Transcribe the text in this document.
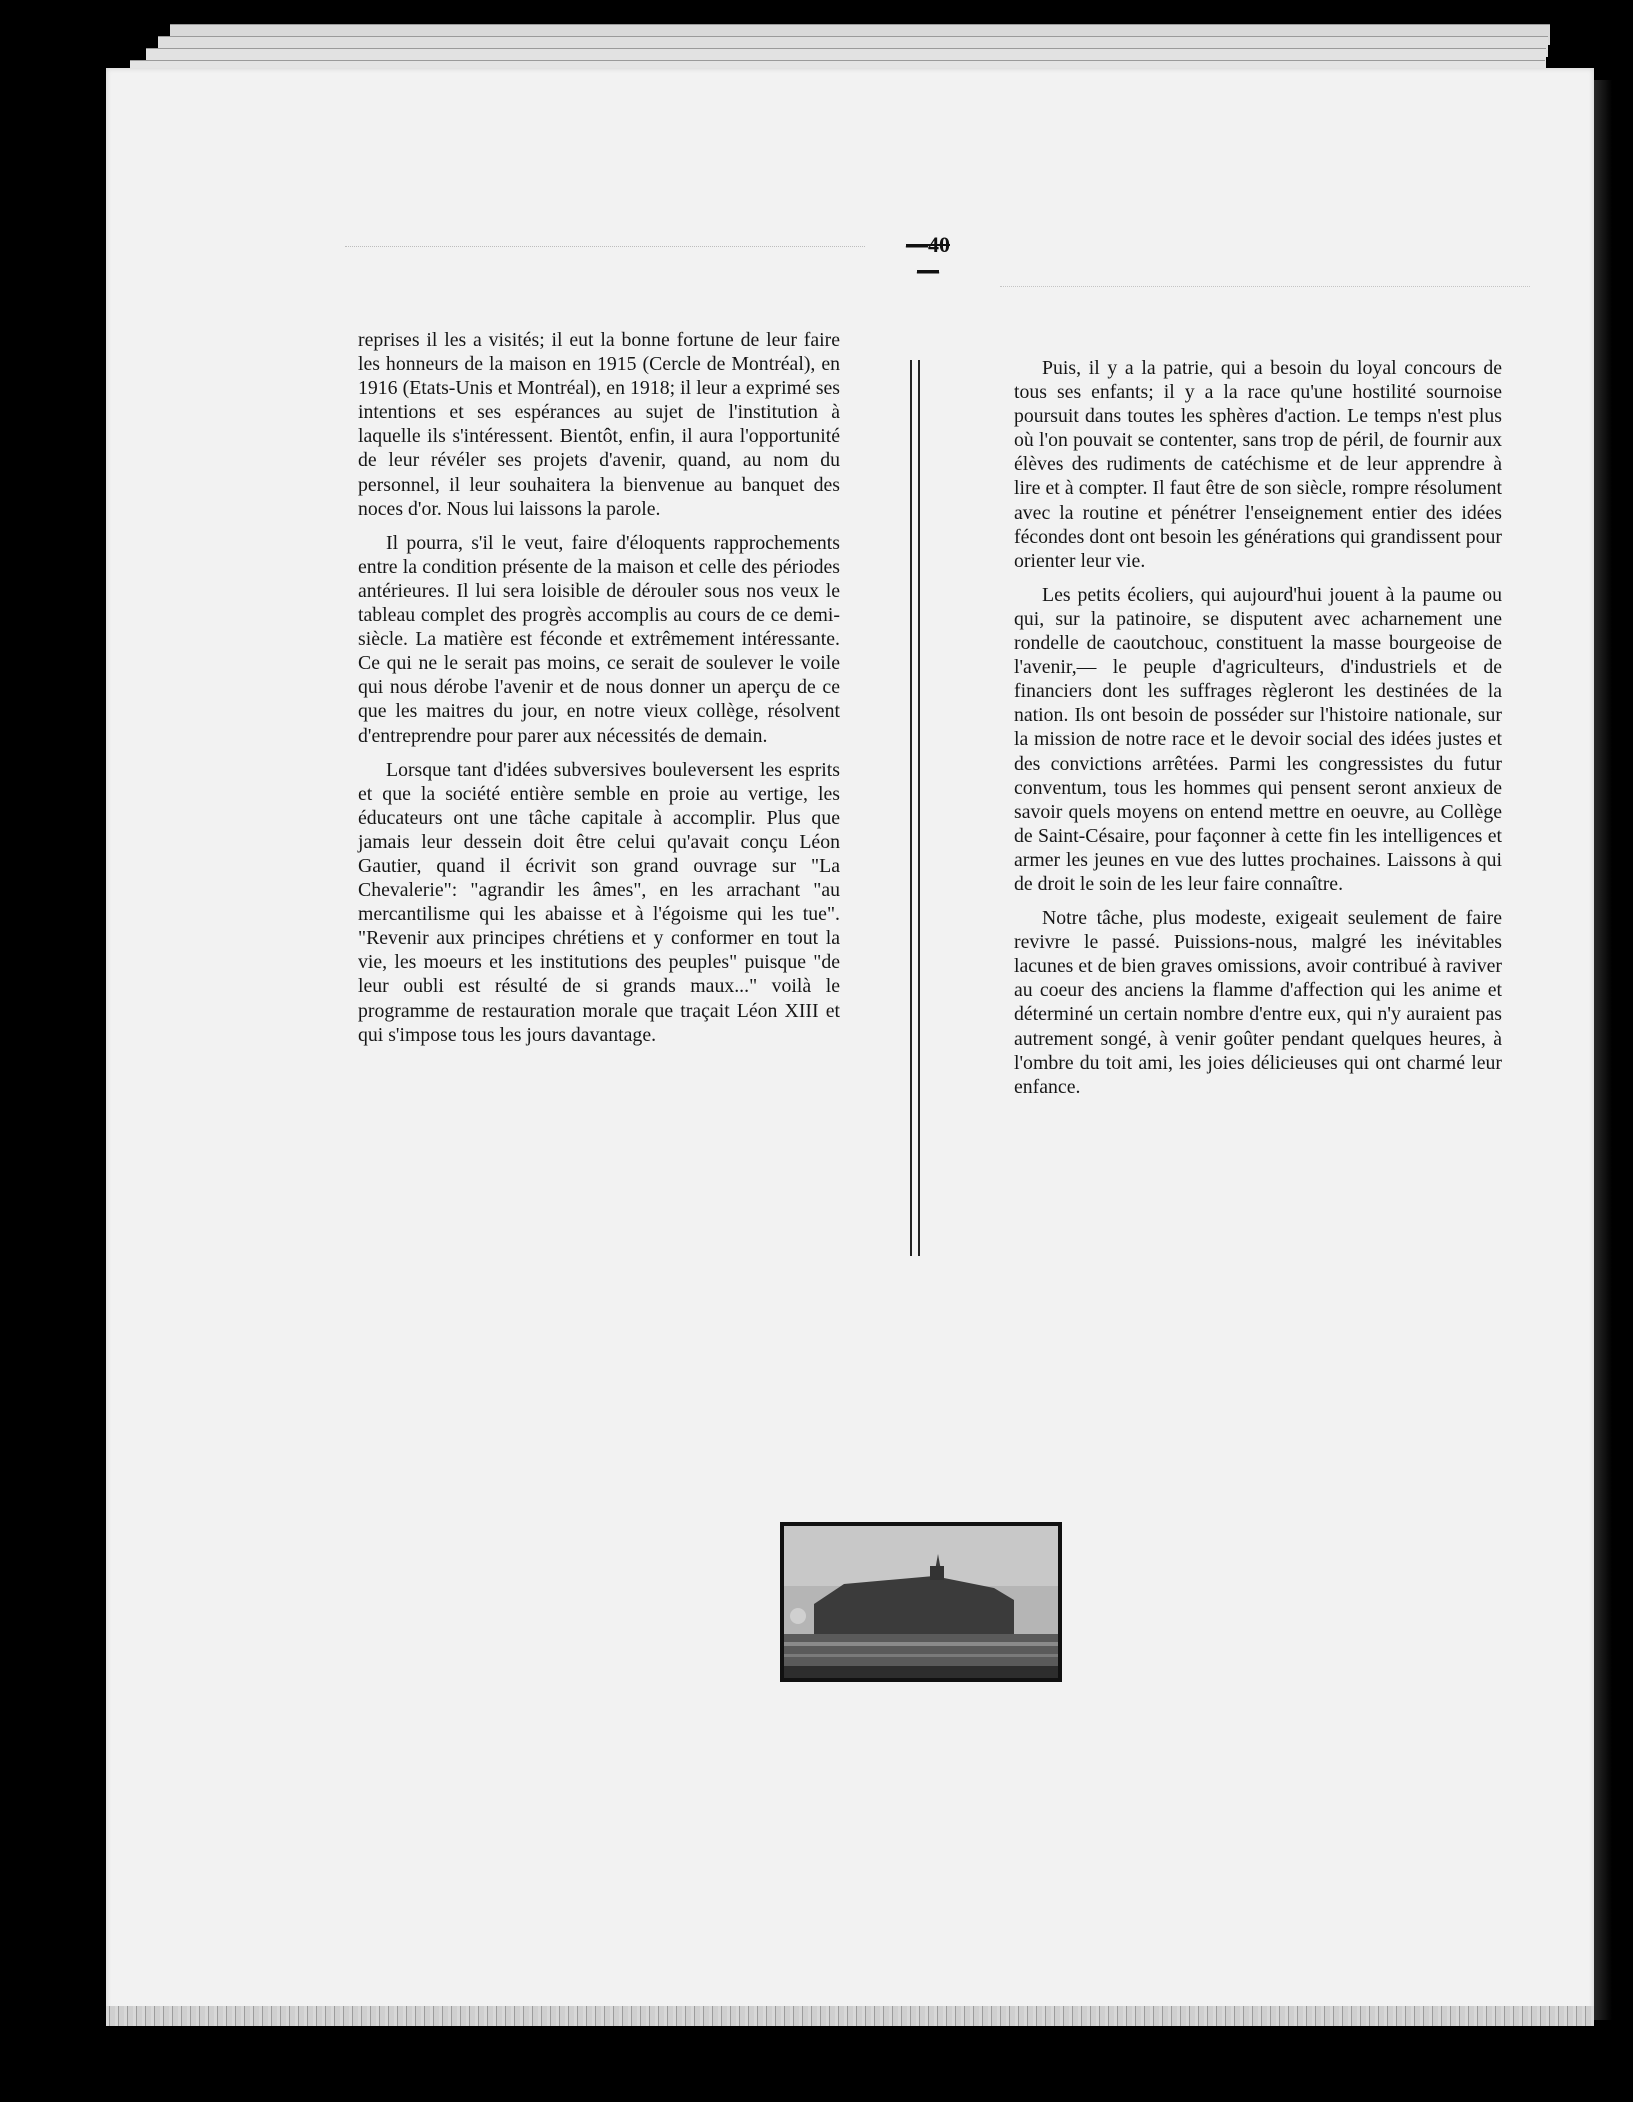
—40—

reprises il les a visités; il eut la bonne fortune de leur faire les honneurs de la maison en 1915 (Cercle de Montréal), en 1916 (Etats-Unis et Montréal), en 1918; il leur a exprimé ses intentions et ses espérances au sujet de l'institution à laquelle ils s'intéressent. Bientôt, enfin, il aura l'opportunité de leur révéler ses projets d'avenir, quand, au nom du personnel, il leur souhaitera la bienvenue au banquet des noces d'or. Nous lui laissons la parole.

Il pourra, s'il le veut, faire d'éloquents rapprochements entre la condition présente de la maison et celle des périodes antérieures. Il lui sera loisible de dérouler sous nos veux le tableau complet des progrès accomplis au cours de ce demi-siècle. La matière est féconde et extrêmement intéressante. Ce qui ne le serait pas moins, ce serait de soulever le voile qui nous dérobe l'avenir et de nous donner un aperçu de ce que les maitres du jour, en notre vieux collège, résolvent d'entreprendre pour parer aux nécessités de demain.

Lorsque tant d'idées subversives bouleversent les esprits et que la société entière semble en proie au vertige, les éducateurs ont une tâche capitale à accomplir. Plus que jamais leur dessein doit être celui qu'avait conçu Léon Gautier, quand il écrivit son grand ouvrage sur "La Chevalerie": "agrandir les âmes", en les arrachant "au mercantilisme qui les abaisse et à l'égoisme qui les tue". "Revenir aux principes chrétiens et y conformer en tout la vie, les moeurs et les institutions des peuples" puisque "de leur oubli est résulté de si grands maux..." voilà le programme de restauration morale que traçait Léon XIII et qui s'impose tous les jours davantage.

Puis, il y a la patrie, qui a besoin du loyal concours de tous ses enfants; il y a la race qu'une hostilité sournoise poursuit dans toutes les sphères d'action. Le temps n'est plus où l'on pouvait se contenter, sans trop de péril, de fournir aux élèves des rudiments de catéchisme et de leur apprendre à lire et à compter. Il faut être de son siècle, rompre résolument avec la routine et pénétrer l'enseignement entier des idées fécondes dont ont besoin les générations qui grandissent pour orienter leur vie.

Les petits écoliers, qui aujourd'hui jouent à la paume ou qui, sur la patinoire, se disputent avec acharnement une rondelle de caoutchouc, constituent la masse bourgeoise de l'avenir,— le peuple d'agriculteurs, d'industriels et de financiers dont les suffrages règleront les destinées de la nation. Ils ont besoin de posséder sur l'histoire nationale, sur la mission de notre race et le devoir social des idées justes et des convictions arrêtées. Parmi les congressistes du futur conventum, tous les hommes qui pensent seront anxieux de savoir quels moyens on entend mettre en oeuvre, au Collège de Saint-Césaire, pour façonner à cette fin les intelligences et armer les jeunes en vue des luttes prochaines. Laissons à qui de droit le soin de les leur faire connaître.

Notre tâche, plus modeste, exigeait seulement de faire revivre le passé. Puissions-nous, malgré les inévitables lacunes et de bien graves omissions, avoir contribué à raviver au coeur des anciens la flamme d'affection qui les anime et déterminé un certain nombre d'entre eux, qui n'y auraient pas autrement songé, à venir goûter pendant quelques heures, à l'ombre du toit ami, les joies délicieuses qui ont charmé leur enfance.
